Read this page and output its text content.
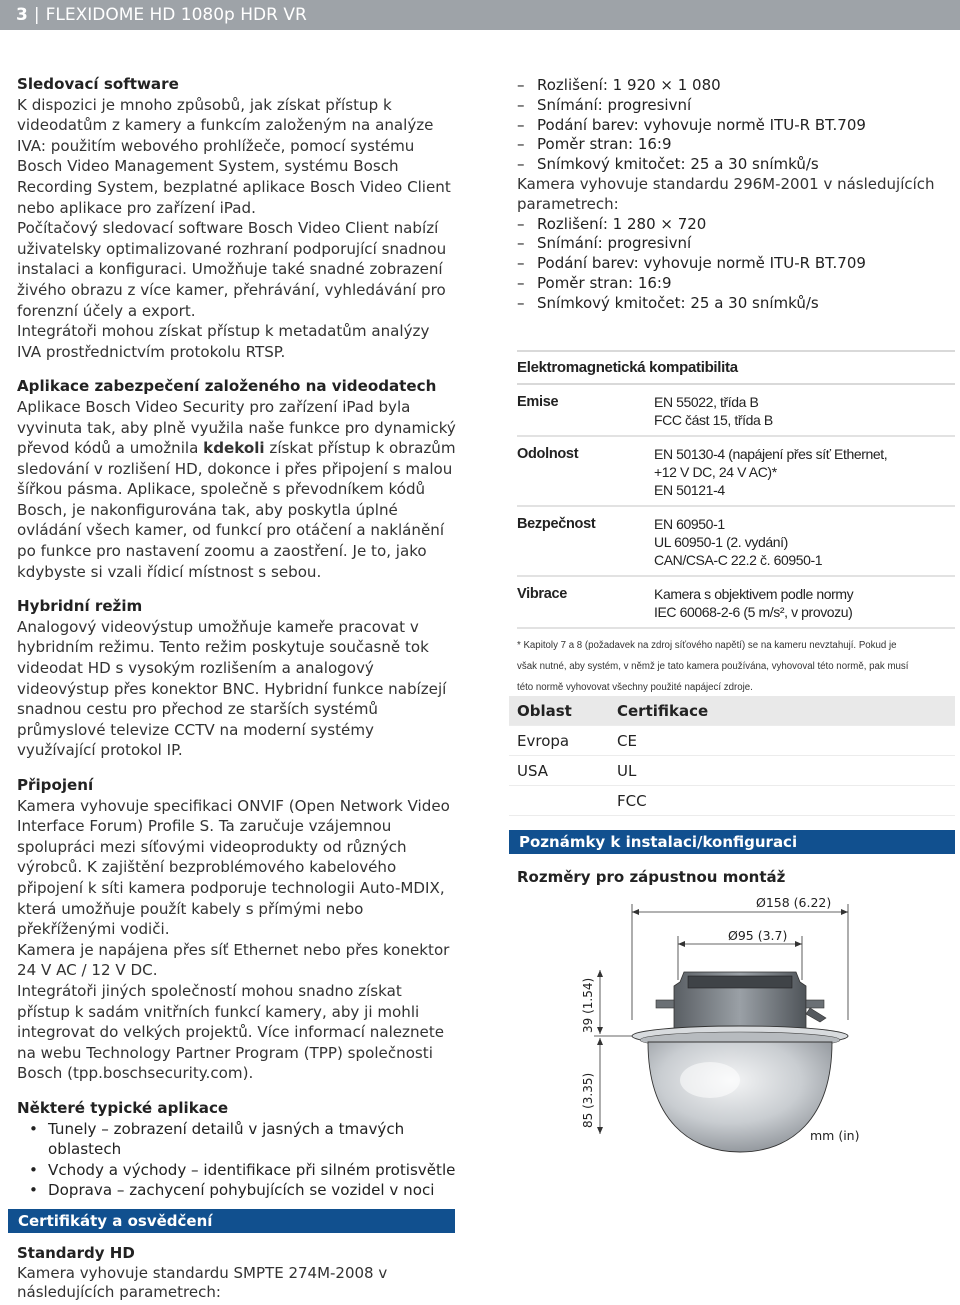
3 | FLEXIDOME HD 1080p HDR VR
Sledovací software
K dispozici je mnoho způsobů, jak získat přístup k videodatům z kamery a funkcím založeným na analýze IVA: použitím webového prohlížeče, pomocí systému Bosch Video Management System, systému Bosch Recording System, bezplatné aplikace Bosch Video Client nebo aplikace pro zařízení iPad.
Počítačový sledovací software Bosch Video Client nabízí uživatelsky optimalizované rozhraní podporující snadnou instalaci a konfiguraci. Umožňuje také snadné zobrazení živého obrazu z více kamer, přehrávání, vyhledávání pro forenzní účely a export.
Integrátoři mohou získat přístup k metadatům analýzy IVA prostřednictvím protokolu RTSP.
Aplikace zabezpečení založeného na videodatech
Aplikace Bosch Video Security pro zařízení iPad byla vyvinuta tak, aby plně využila naše funkce pro dynamický převod kódů a umožnila kdekoli získat přístup k obrazům sledování v rozlišení HD, dokonce i přes připojení s malou šířkou pásma. Aplikace, společně s převodníkem kódů Bosch, je nakonfigurována tak, aby poskytla úplné ovládání všech kamer, od funkcí pro otáčení a naklánění po funkce pro nastavení zoomu a zaostření. Je to, jako kdybyste si vzali řídicí místnost s sebou.
Hybridní režim
Analogový videovýstup umožňuje kameře pracovat v hybridním režimu. Tento režim poskytuje současně tok videodat HD s vysokým rozlišením a analogový videovýstup přes konektor BNC. Hybridní funkce nabízejí snadnou cestu pro přechod ze starších systémů průmyslové televize CCTV na moderní systémy využívající protokol IP.
Připojení
Kamera vyhovuje specifikaci ONVIF (Open Network Video Interface Forum) Profile S. Ta zaručuje vzájemnou spolupráci mezi síťovými videoprodukty od různých výrobců. K zajištění bezproblémového kabelového připojení k síti kamera podporuje technologii Auto-MDIX, která umožňuje použít kabely s přímými nebo překříženými vodiči.
Kamera je napájena přes síť Ethernet nebo přes konektor 24 V AC / 12 V DC.
Integrátoři jiných společností mohou snadno získat přístup k sadám vnitřních funkcí kamery, aby ji mohli integrovat do velkých projektů. Více informací naleznete na webu Technology Partner Program (TPP) společnosti Bosch (tpp.boschsecurity.com).
Některé typické aplikace
• Tunely – zobrazení detailů v jasných a tmavých oblastech
• Vchody a východy – identifikace při silném protisvětle
• Doprava – zachycení pohybujících se vozidel v noci
Certifikáty a osvědčení
Standardy HD
Kamera vyhovuje standardu SMPTE 274M-2008 v následujících parametrech:
– Rozlišení: 1 920 × 1 080
– Snímání: progresivní
– Podání barev: vyhovuje normě ITU-R BT.709
– Poměr stran: 16:9
– Snímkový kmitočet: 25 a 30 snímků/s
Kamera vyhovuje standardu 296M-2001 v následujících parametrech:
– Rozlišení: 1 280 × 720
– Snímání: progresivní
– Podání barev: vyhovuje normě ITU-R BT.709
– Poměr stran: 16:9
– Snímkový kmitočet: 25 a 30 snímků/s
Elektromagnetická kompatibilita
Emise	EN 55022, třída B
FCC část 15, třída B
Odolnost	EN 50130-4 (napájení přes síť Ethernet,
+12 V DC, 24 V AC)*
EN 50121-4
Bezpečnost	EN 60950-1
UL 60950-1 (2. vydání)
CAN/CSA-C 22.2 č. 60950-1
Vibrace	Kamera s objektivem podle normy
IEC 60068-2-6 (5 m/s², v provozu)
* Kapitoly 7 a 8 (požadavek na zdroj síťového napětí) se na kameru nevztahují. Pokud je
však nutné, aby systém, v němž je tato kamera používána, vyhovoval této normě, pak musí
této normě vyhovovat všechny použité napájecí zdroje.
Oblast	Certifikace
Evropa	CE
USA	UL
FCC
Poznámky k instalaci/konfiguraci
Rozměry pro zápustnou montáž
Ø158 (6.22)
Ø95 (3.7)
39 (1.54)
85 (3.35)
mm (in)
